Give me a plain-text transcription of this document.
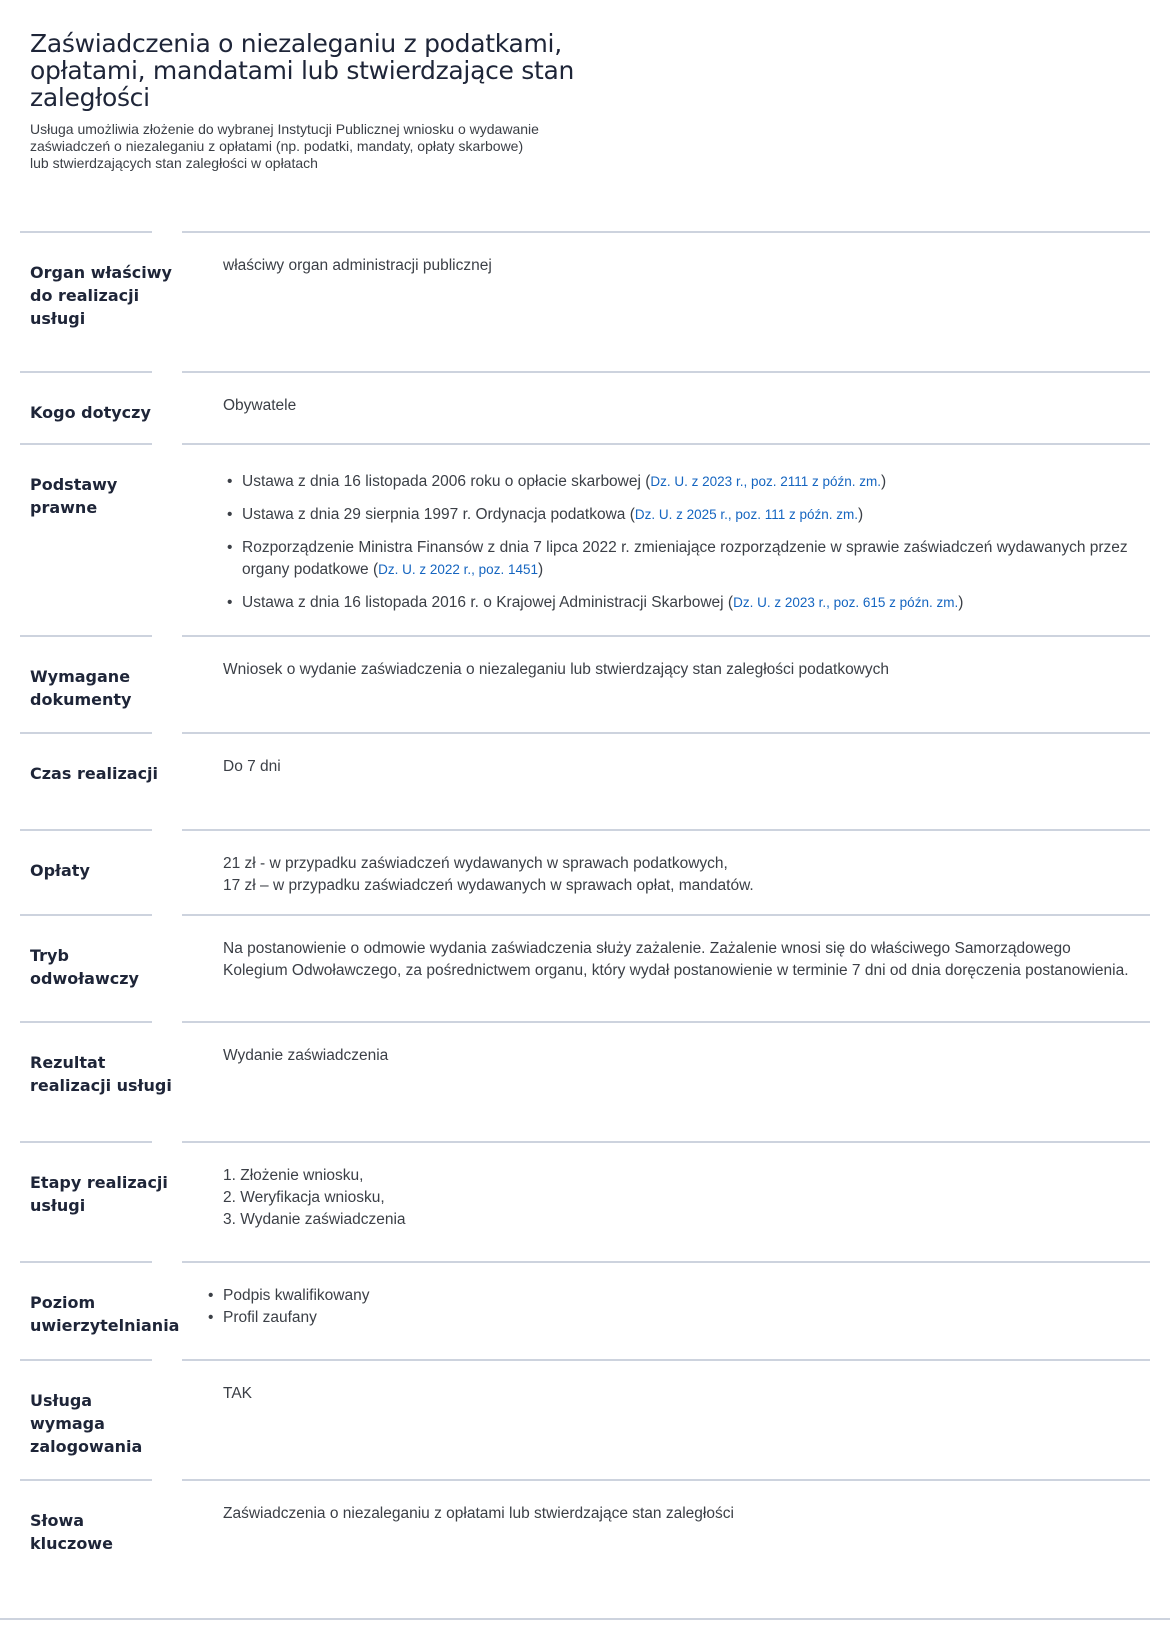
Zaświadczenia o niezaleganiu z podatkami, opłatami, mandatami lub stwierdzające stan zaległości

Usługa umożliwia złożenie do wybranej Instytucji Publicznej wniosku o wydawanie zaświadczeń o niezaleganiu z opłatami (np. podatki, mandaty, opłaty skarbowe) lub stwierdzających stan zaległości w opłatach

Organ właściwy do realizacji usługi
właściwy organ administracji publicznej
Kogo dotyczy	Obywatele
Podstawy prawne
• Ustawa z dnia 16 listopada 2006 roku o opłacie skarbowej (Dz. U. z 2023 r., poz. 2111 z późn. zm.)
• Ustawa z dnia 29 sierpnia 1997 r. Ordynacja podatkowa (Dz. U. z 2025 r., poz. 111 z późn. zm.)
• Rozporządzenie Ministra Finansów z dnia 7 lipca 2022 r. zmieniające rozporządzenie w sprawie zaświadczeń wydawanych przez organy podatkowe (Dz. U. z 2022 r., poz. 1451)
• Ustawa z dnia 16 listopada 2016 r. o Krajowej Administracji Skarbowej (Dz. U. z 2023 r., poz. 615 z późn. zm.)
Wymagane dokumenty
Wniosek o wydanie zaświadczenia o niezaleganiu lub stwierdzający stan zaległości podatkowych
Czas realizacji	Do 7 dni
Opłaty	21 zł - w przypadku zaświadczeń wydawanych w sprawach podatkowych,
17 zł – w przypadku zaświadczeń wydawanych w sprawach opłat, mandatów.
Tryb odwoławczy
Na postanowienie o odmowie wydania zaświadczenia służy zażalenie. Zażalenie wnosi się do właściwego Samorządowego Kolegium Odwoławczego, za pośrednictwem organu, który wydał postanowienie w terminie 7 dni od dnia doręczenia postanowienia.
Rezultat realizacji usługi
Wydanie zaświadczenia
Etapy realizacji usługi
1. Złożenie wniosku,
2. Weryfikacja wniosku,
3. Wydanie zaświadczenia
Poziom uwierzytelniania
• Podpis kwalifikowany
• Profil zaufany
Usługa wymaga zalogowania
TAK
Słowa kluczowe
Zaświadczenia o niezaleganiu z opłatami lub stwierdzające stan zaległości
